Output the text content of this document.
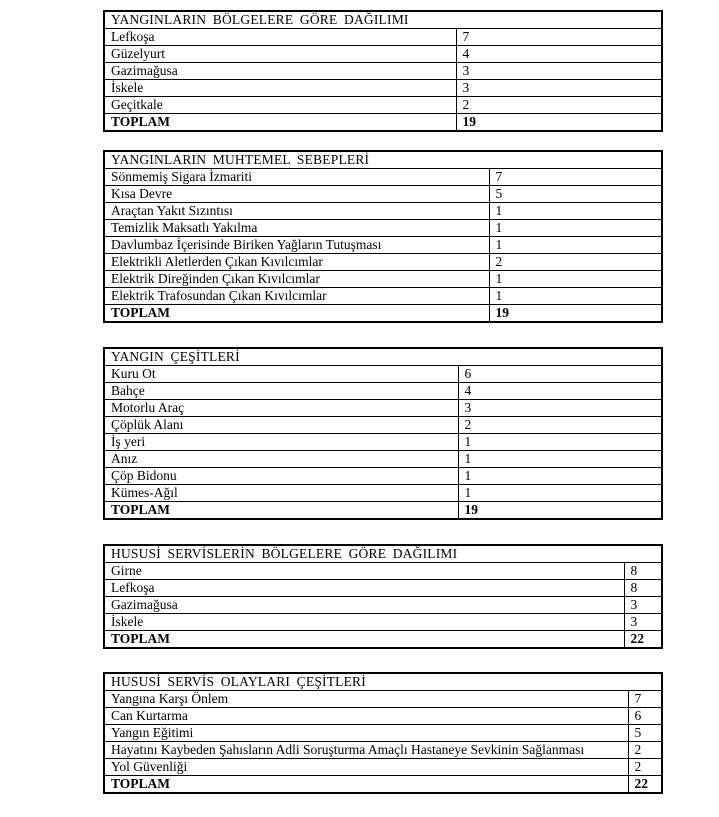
YANGINLARIN BÖLGELERE GÖRE DAĞILIMI	
Lefkoşa	7
Güzelyurt	4
Gazimağusa	3
İskele	3
Geçitkale	2
TOPLAM	19
YANGINLARIN MUHTEMEL SEBEPLERİ	
Sönmemiş Sigara İzmariti	7
Kısa Devre	5
Araçtan Yakıt Sızıntısı	1
Temizlik Maksatlı Yakılma	1
Davlumbaz İçerisinde Biriken Yağların Tutuşması	1
Elektrikli Aletlerden Çıkan Kıvılcımlar	2
Elektrik Direğinden Çıkan Kıvılcımlar	1
Elektrik Trafosundan Çıkan Kıvılcımlar	1
TOPLAM	19
YANGIN ÇEŞİTLERİ	
Kuru Ot	6
Bahçe	4
Motorlu Araç	3
Çöplük Alanı	2
İş yeri	1
Anız	1
Çöp Bidonu	1
Kümes-Ağıl	1
TOPLAM	19
HUSUSİ SERVİSLERİN BÖLGELERE GÖRE DAĞILIMI	
Girne	8
Lefkoşa	8
Gazimağusa	3
İskele	3
TOPLAM	22
HUSUSİ SERVİS OLAYLARI ÇEŞİTLERİ	
Yangına Karşı Önlem	7
Can Kurtarma	6
Yangın Eğitimi	5
Hayatını Kaybeden Şahısların Adli Soruşturma Amaçlı Hastaneye Sevkinin Sağlanması	2
Yol Güvenliği	2
TOPLAM	22
